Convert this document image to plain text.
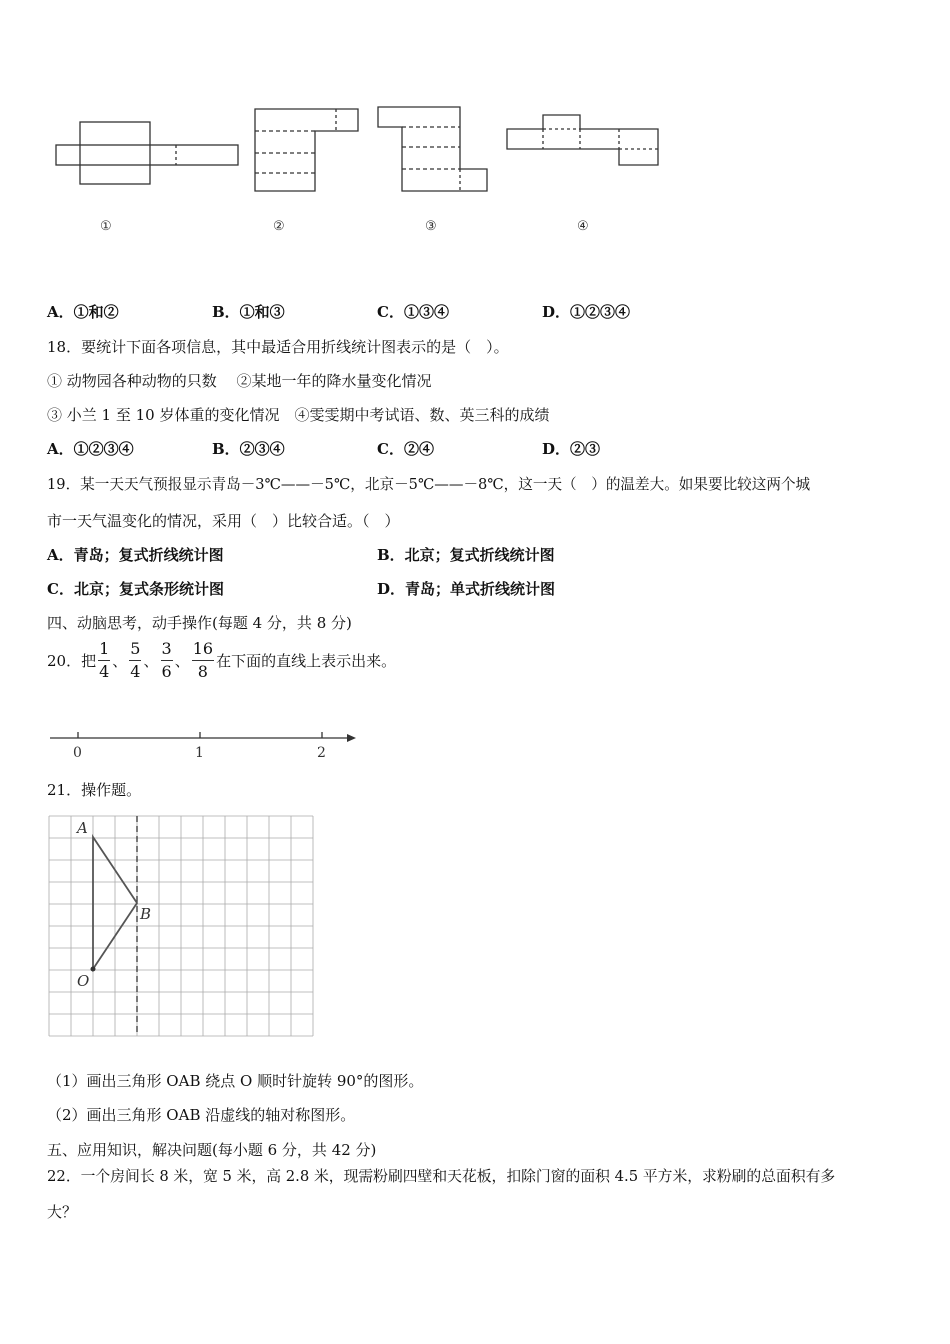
①	②	③	④
A．①和②	B．①和③	C．①③④	D．①②③④
18．要统计下面各项信息，其中最适合用折线统计图表示的是（　）。
① 动物园各种动物的只数　 ②某地一年的降水量变化情况
③ 小兰 1 至 10 岁体重的变化情况　④雯雯期中考试语、数、英三科的成绩
A．①②③④	B．②③④	C．②④	D．②③
19．某一天天气预报显示青岛－3℃——－5℃，北京－5℃——－8℃，这一天（　）的温差大。如果要比较这两个城
市一天气温变化的情况，采用（　）比较合适。（　）
A．青岛；复式折线统计图	B．北京；复式折线统计图
C．北京；复式条形统计图	D．青岛；单式折线统计图
四、动脑思考，动手操作(每题 4 分，共 8 分)
20．把 $\frac{1}{4}$ 、 $\frac{5}{4}$ 、 $\frac{3}{6}$ 、 $\frac{16}{8}$ 在下面的直线上表示出来。
0	1	2
21．操作题。
A
B
O
（1）画出三角形 OAB 绕点 O 顺时针旋转 90°的图形。
（2）画出三角形 OAB 沿虚线的轴对称图形。
五、应用知识，解决问题(每小题 6 分，共 42 分)
22．一个房间长 8 米，宽 5 米，高 2.8 米，现需粉刷四壁和天花板，扣除门窗的面积 4.5 平方米，求粉刷的总面积有多
大？
